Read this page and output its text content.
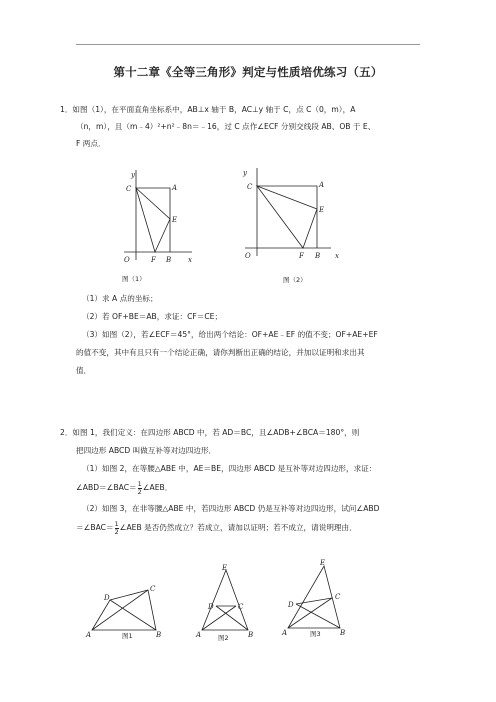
第十二章《全等三角形》判定与性质培优练习（五）
1．如图（1），在平面直角坐标系中，AB⊥x 轴于 B，AC⊥y 轴于 C，点 C（0，m），A
（n，m），且（m﹣4）²+n²﹣8n＝﹣16，过 C 点作∠ECF 分别交线段 AB、OB 于 E、
F 两点．
y
C	A
E
O	F B x
图（1）
y
C	A
E
O	F B x
图（2）
（1）求 A 点的坐标；
（2）若 OF+BE＝AB，求证：CF＝CE；
（3）如图（2），若∠ECF＝45°，给出两个结论：OF+AE﹣EF 的值不变；OF+AE+EF
的值不变，其中有且只有一个结论正确，请你判断出正确的结论，并加以证明和求出其
值．
2．如图 1，我们定义：在四边形 ABCD 中，若 AD＝BC，且∠ADB+∠BCA＝180°，则
把四边形 ABCD 叫做互补等对边四边形．
（1）如图 2，在等腰△ABE 中，AE＝BE，四边形 ABCD 是互补等对边四边形，求证：
∠ABD＝∠BAC＝ $\frac{1}{2}$ ∠AEB．
（2）如图 3，在非等腰△ABE 中，若四边形 ABCD 仍是互补等对边四边形，试问∠ABD
＝∠BAC＝ $\frac{1}{2}$ ∠AEB 是否仍然成立？若成立，请加以证明；若不成立，请说明理由．
D
C
A	B
图1
E
D	C
A	B
图2
E
C
D
A	B
图3
